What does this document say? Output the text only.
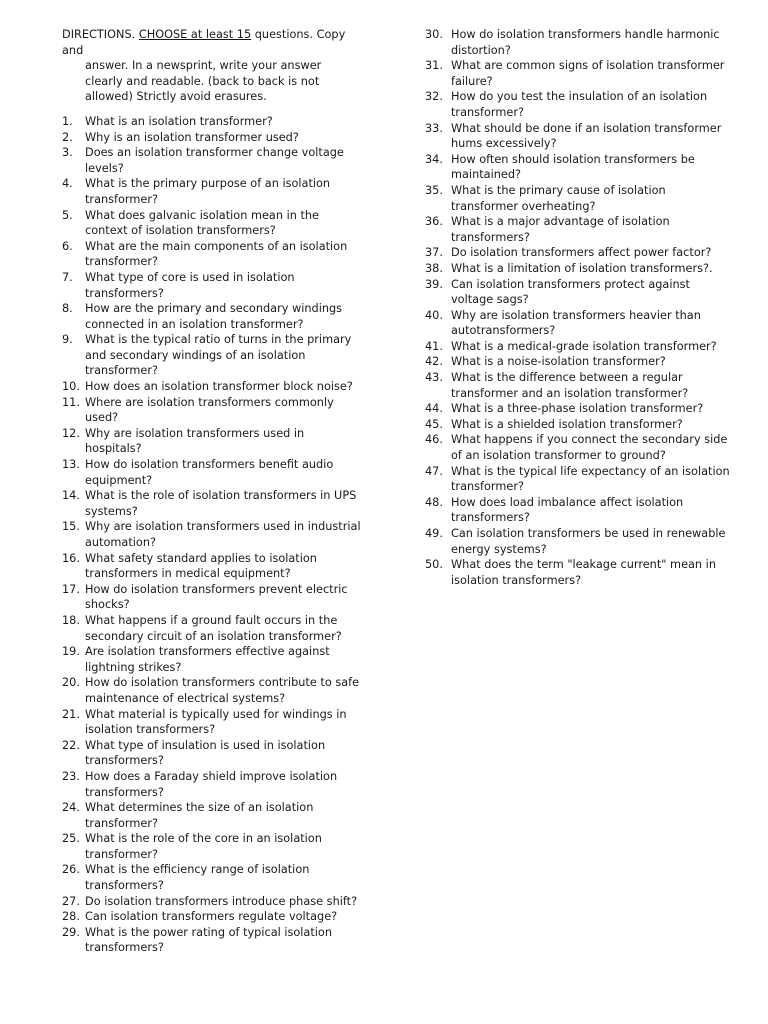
DIRECTIONS. CHOOSE at least 15 questions. Copy and
answer. In a newsprint, write your answer clearly and readable. (back to back is not allowed) Strictly avoid erasures.
1.	What is an isolation transformer?
2.	Why is an isolation transformer used?
3.	Does an isolation transformer change voltage levels?
4.	What is the primary purpose of an isolation transformer?
5.	What does galvanic isolation mean in the context of isolation transformers?
6.	What are the main components of an isolation transformer?
7.	What type of core is used in isolation transformers?
8.	How are the primary and secondary windings connected in an isolation transformer?
9.	What is the typical ratio of turns in the primary and secondary windings of an isolation transformer?
10. How does an isolation transformer block noise?
11. Where are isolation transformers commonly used?
12. Why are isolation transformers used in hospitals?
13. How do isolation transformers benefit audio equipment?
14. What is the role of isolation transformers in UPS systems?
15. Why are isolation transformers used in industrial automation?
16. What safety standard applies to isolation transformers in medical equipment?
17. How do isolation transformers prevent electric shocks?
18. What happens if a ground fault occurs in the secondary circuit of an isolation transformer?
19. Are isolation transformers effective against lightning strikes?
20. How do isolation transformers contribute to safe maintenance of electrical systems?
21. What material is typically used for windings in isolation transformers?
22. What type of insulation is used in isolation transformers?
23. How does a Faraday shield improve isolation transformers?
24. What determines the size of an isolation transformer?
25. What is the role of the core in an isolation transformer?
26. What is the efficiency range of isolation transformers?
27. Do isolation transformers introduce phase shift?
28. Can isolation transformers regulate voltage?
29. What is the power rating of typical isolation transformers?
30. How do isolation transformers handle harmonic distortion?
31. What are common signs of isolation transformer failure?
32. How do you test the insulation of an isolation transformer?
33. What should be done if an isolation transformer hums excessively?
34. How often should isolation transformers be maintained?
35. What is the primary cause of isolation transformer overheating?
36. What is a major advantage of isolation transformers?
37. Do isolation transformers affect power factor?
38. What is a limitation of isolation transformers?.
39. Can isolation transformers protect against voltage sags?
40. Why are isolation transformers heavier than autotransformers?
41. What is a medical-grade isolation transformer?
42. What is a noise-isolation transformer?
43. What is the difference between a regular transformer and an isolation transformer?
44. What is a three-phase isolation transformer?
45. What is a shielded isolation transformer?
46. What happens if you connect the secondary side of an isolation transformer to ground?
47. What is the typical life expectancy of an isolation transformer?
48. How does load imbalance affect isolation transformers?
49. Can isolation transformers be used in renewable energy systems?
50. What does the term "leakage current" mean in isolation transformers?
